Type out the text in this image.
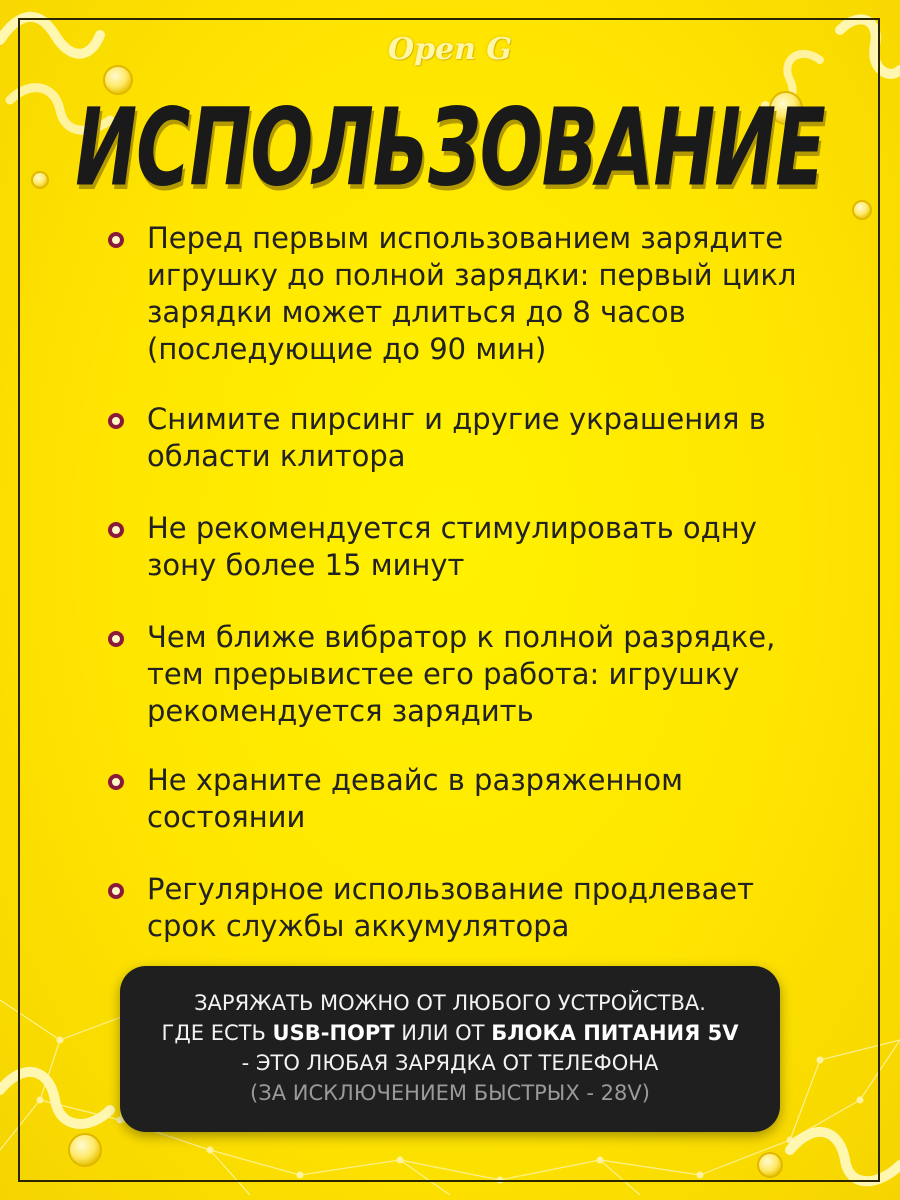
Open G
ИСПОЛЬЗОВАНИЕ
Перед первым использованием зарядите
игрушку до полной зарядки: первый цикл
зарядки может длиться до 8 часов
(последующие до 90 мин)
Снимите пирсинг и другие украшения в
области клитора
Не рекомендуется стимулировать одну
зону более 15 минут
Чем ближе вибратор к полной разрядке,
тем прерывистее его работа: игрушку
рекомендуется зарядить
Не храните девайс в разряженном
состоянии
Регулярное использование продлевает
срок службы аккумулятора
ЗАРЯЖАТЬ МОЖНО ОТ ЛЮБОГО УСТРОЙСТВА.
ГДЕ ЕСТЬ USB-ПОРТ ИЛИ ОТ БЛОКА ПИТАНИЯ 5V
- ЭТО ЛЮБАЯ ЗАРЯДКА ОТ ТЕЛЕФОНА
(ЗА ИСКЛЮЧЕНИЕМ БЫСТРЫХ - 28V)
